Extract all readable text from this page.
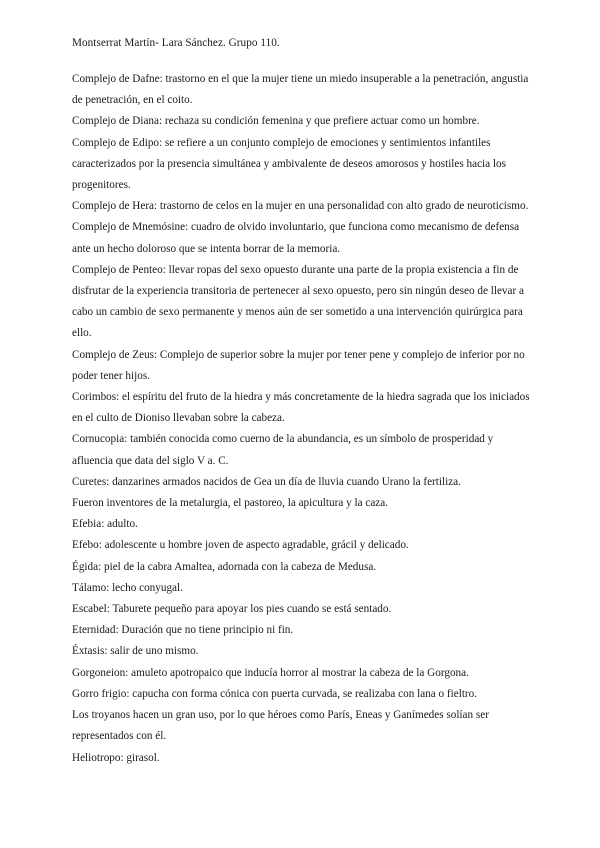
Montserrat Martín- Lara Sánchez. Grupo 110.

Complejo de Dafne: trastorno en el que la mujer tiene un miedo insuperable a la penetración, angustia de penetración, en el coito.

Complejo de Diana: rechaza su condición femenina y que prefiere actuar como un hombre.

Complejo de Edipo: se refiere a un conjunto complejo de emociones y sentimientos infantiles caracterizados por la presencia simultánea y ambivalente de deseos amorosos y hostiles hacia los progenitores.

Complejo de Hera: trastorno de celos en la mujer en una personalidad con alto grado de neuroticismo.

Complejo de Mnemósine: cuadro de olvido involuntario, que funciona como mecanismo de defensa ante un hecho doloroso que se intenta borrar de la memoria.

Complejo de Penteo: llevar ropas del sexo opuesto durante una parte de la propia existencia a fin de disfrutar de la experiencia transitoria de pertenecer al sexo opuesto, pero sin ningún deseo de llevar a cabo un cambio de sexo permanente y menos aún de ser sometido a una intervención quirúrgica para ello.

Complejo de Zeus: Complejo de superior sobre la mujer por tener pene y complejo de inferior por no poder tener hijos.

Corimbos: el espíritu del fruto de la hiedra y más concretamente de la hiedra sagrada que los iniciados en el culto de Dioniso llevaban sobre la cabeza.

Cornucopia: también conocida como cuerno de la abundancia, es un símbolo de prosperidad y afluencia que data del siglo V a. C.

Curetes: danzarines armados nacidos de Gea un día de lluvia cuando Urano la fertiliza.

Fueron inventores de la metalurgia, el pastoreo, la apicultura y la caza.

Efebia: adulto.

Efebo: adolescente u hombre joven de aspecto agradable, grácil y delicado.

Égida: piel de la cabra Amaltea, adornada con la cabeza de Medusa.

Tálamo: lecho conyugal.

Escabel: Taburete pequeño para apoyar los pies cuando se está sentado.

Eternidad: Duración que no tiene principio ni fin.

Éxtasis: salir de uno mismo.

Gorgoneion: amuleto apotropaico que inducía horror al mostrar la cabeza de la Gorgona.

Gorro frigio: capucha con forma cónica con puerta curvada, se realizaba con lana o fieltro.

Los troyanos hacen un gran uso, por lo que héroes como París, Eneas y Ganímedes solían ser representados con él.

Heliotropo: girasol.
